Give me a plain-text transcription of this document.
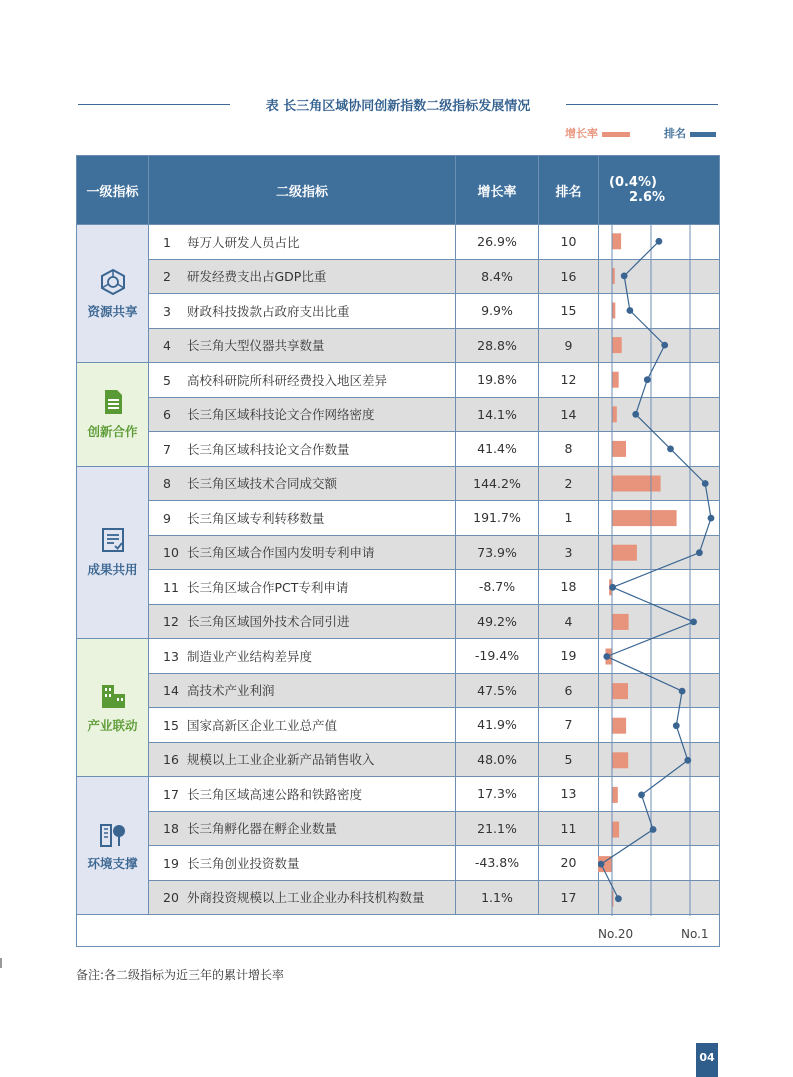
表 长三角区域协同创新指数二级指标发展情况
增长率	排名
一级指标	二级指标	增长率	排名	(0.4%) 2.6%

资源共享	1 每万人研发人员占比	26.9%	10	
	2 研发经费支出占GDP比重	8.4%	16	
	3 财政科技拨款占政府支出比重	9.9%	15	
	4 长三角大型仪器共享数量	28.8%	9	

创新合作	5 高校科研院所科研经费投入地区差异	19.8%	12	
	6 长三角区域科技论文合作网络密度	14.1%	14	
	7 长三角区域科技论文合作数量	41.4%	8	

成果共用	8 长三角区域技术合同成交额	144.2%	2	
	9 长三角区域专利转移数量	191.7%	1	
	10 长三角区域合作国内发明专利申请	73.9%	3	
	11 长三角区域合作PCT专利申请	-8.7%	18	
	12 长三角区域国外技术合同引进	49.2%	4	

产业联动	13 制造业产业结构差异度	-19.4%	19	
	14 高技术产业利润	47.5%	6	
	15 国家高新区企业工业总产值	41.9%	7	
	16 规模以上工业企业新产品销售收入	48.0%	5	

环境支撑	17 长三角区域高速公路和铁路密度	17.3%	13	
	18 长三角孵化器在孵企业数量	21.1%	11	
	19 长三角创业投资数量	-43.8%	20	
	20 外商投资规模以上工业企业办科技机构数量	1.1%	17	

No.20	No.1
备注:各二级指标为近三年的累计增长率
04
